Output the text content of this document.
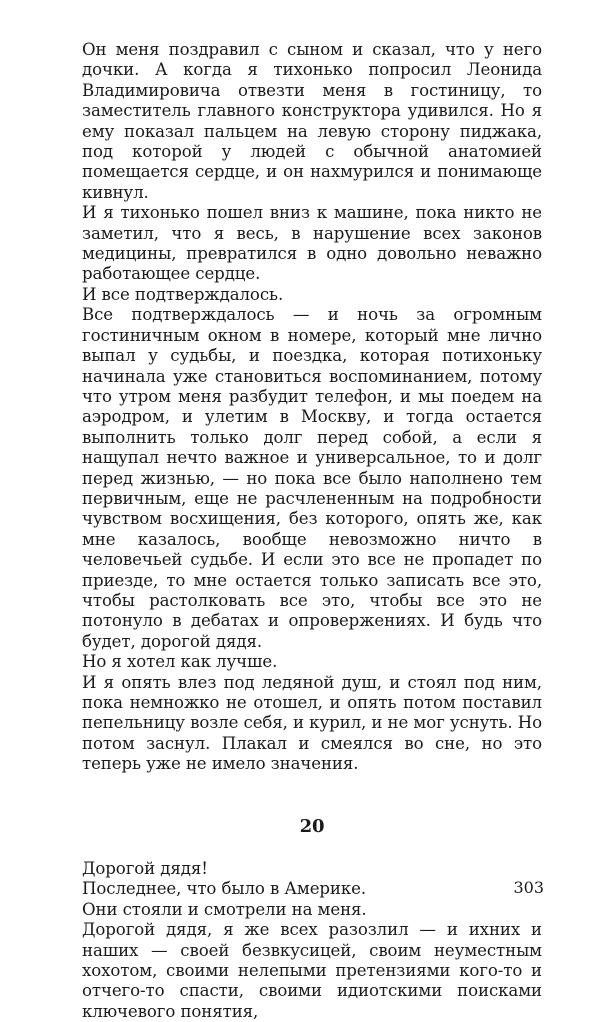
Он меня поздравил с сыном и сказал, что у него дочки. А когда я тихонько попросил Леонида Владимировича отвезти меня в гостиницу, то заместитель главного конструктора удивился. Но я ему показал пальцем на левую сторону пиджака, под которой у людей с обычной анатомией помещается сердце, и он нахмурился и понимающе кивнул.

И я тихонько пошел вниз к машине, пока никто не заметил, что я весь, в нарушение всех законов медицины, превратился в одно довольно неважно работающее сердце.

И все подтверждалось.

Все подтверждалось — и ночь за огромным гостиничным окном в номере, который мне лично выпал у судьбы, и поездка, которая потихоньку начинала уже становиться воспоминанием, потому что утром меня разбудит телефон, и мы поедем на аэродром, и улетим в Москву, и тогда остается выполнить только долг перед собой, а если я нащупал нечто важное и универсальное, то и долг перед жизнью, — но пока все было наполнено тем первичным, еще не расчлененным на подробности чувством восхищения, без которого, опять же, как мне казалось, вообще невозможно ничто в человечьей судьбе. И если это все не пропадет по приезде, то мне остается только записать все это, чтобы растолковать все это, чтобы все это не потонуло в дебатах и опровержениях. И будь что будет, дорогой дядя.

Но я хотел как лучше.

И я опять влез под ледяной душ, и стоял под ним, пока немножко не отошел, и опять потом поставил пепельницу возле себя, и курил, и не мог уснуть. Но потом заснул. Плакал и смеялся во сне, но это теперь уже не имело значения.

20

Дорогой дядя!

Последнее, что было в Америке.

Они стояли и смотрели на меня.

Дорогой дядя, я же всех разозлил — и ихних и наших — своей безвкусицей, своим неуместным хохотом, своими нелепыми претензиями кого-то и отчего-то спасти, своими идиотскими поисками ключевого понятия,

303
